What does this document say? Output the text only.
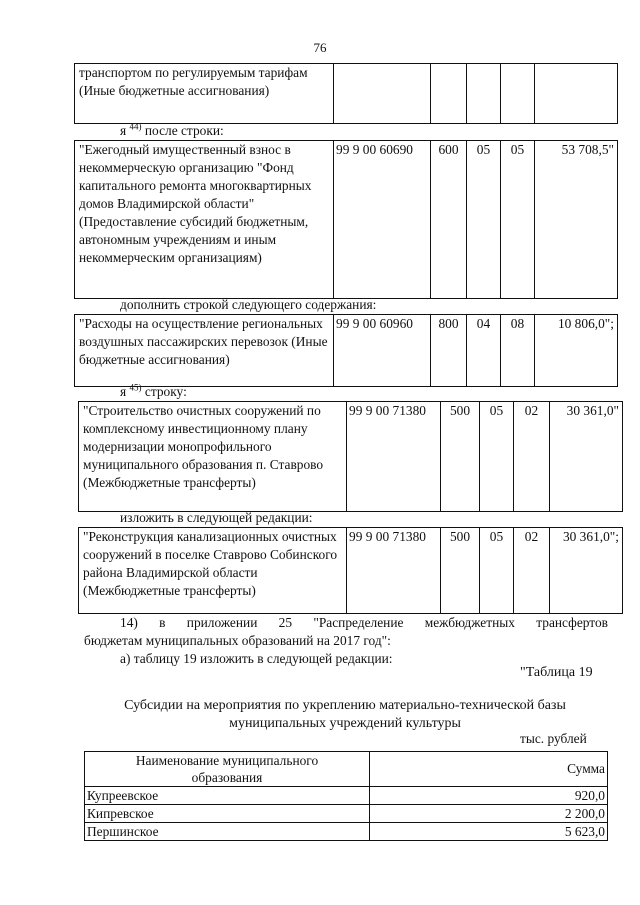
76
транспортом по регулируемым тарифам (Иные бюджетные ассигнования)					
я $^{44)}$ после строки:
"Ежегодный имущественный взнос в некоммерческую организацию "Фонд капитального ремонта многоквартирных домов Владимирской области" (Предоставление субсидий бюджетным, автономным учреждениям и иным некоммерческим организациям)	99 9 00 60690	600	05	05	53 708,5"
дополнить строкой следующего содержания:
"Расходы на осуществление региональных воздушных пассажирских перевозок (Иные бюджетные ассигнования)	99 9 00 60960	800	04	08	10 806,0";
я $^{45)}$ строку:
"Строительство очистных сооружений по комплексному инвестиционному плану модернизации монопрофильного муниципального образования п. Ставрово (Межбюджетные трансферты)	99 9 00 71380	500	05	02	30 361,0"
изложить в следующей редакции:
"Реконструкция канализационных очистных сооружений в поселке Ставрово Собинского района Владимирской области (Межбюджетные трансферты)	99 9 00 71380	500	05	02	30 361,0";
14) в приложении 25 "Распределение межбюджетных трансфертов
бюджетам муниципальных образований на 2017 год":
а) таблицу 19 изложить в следующей редакции:
"Таблица 19
Субсидии на мероприятия по укреплению материально-технической базы
муниципальных учреждений культуры
тыс. рублей
Наименование муниципального образования	Сумма
Купреевское	920,0
Кипревское	2 200,0
Першинское	5 623,0
